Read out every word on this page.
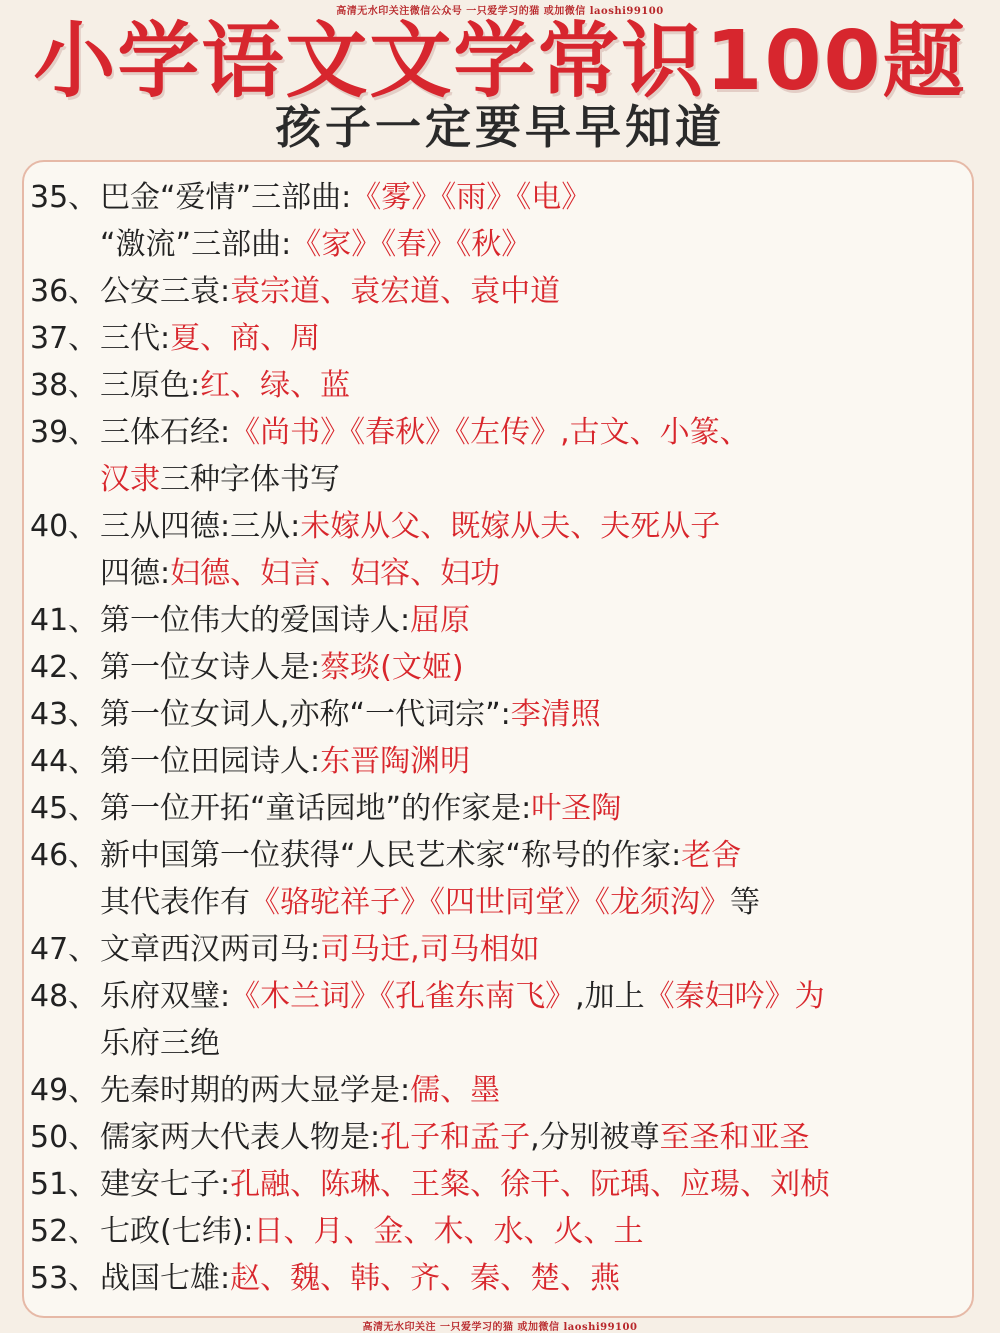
高清无水印关注微信公众号 一只爱学习的猫 或加微信 laoshi99100
小学语文文学常识100题
孩子一定要早早知道
35、巴金“爱情”三部曲:《雾》《雨》《电》
“激流”三部曲:《家》《春》《秋》
36、公安三袁:袁宗道、袁宏道、袁中道
37、三代:夏、商、周
38、三原色:红、绿、蓝
39、三体石经:《尚书》《春秋》《左传》,古文、小篆、
汉隶三种字体书写
40、三从四德:三从:未嫁从父、既嫁从夫、夫死从子
四德:妇德、妇言、妇容、妇功
41、第一位伟大的爱国诗人:屈原
42、第一位女诗人是:蔡琰(文姬)
43、第一位女词人,亦称“一代词宗”:李清照
44、第一位田园诗人:东晋陶渊明
45、第一位开拓“童话园地”的作家是:叶圣陶
46、新中国第一位获得“人民艺术家“称号的作家:老舍
其代表作有《骆驼祥子》《四世同堂》《龙须沟》等
47、文章西汉两司马:司马迁,司马相如
48、乐府双璧:《木兰词》《孔雀东南飞》,加上《秦妇吟》为
乐府三绝
49、先秦时期的两大显学是:儒、墨
50、儒家两大代表人物是:孔子和孟子,分别被尊至圣和亚圣
51、建安七子:孔融、陈琳、王粲、徐干、阮瑀、应瑒、刘桢
52、七政(七纬):日、月、金、木、水、火、土
53、战国七雄:赵、魏、韩、齐、秦、楚、燕
高清无水印关注 一只爱学习的猫 或加微信 laoshi99100
